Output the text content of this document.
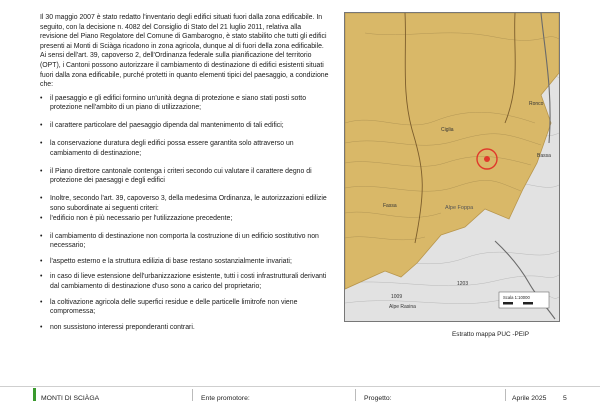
Il 30 maggio 2007 è stato redatto l'inventario degli edifici situati fuori dalla zona edificabile. In seguito, con la decisione n. 4082 del Consiglio di Stato del 21 luglio 2011, relativa alla revisione del Piano Regolatore del Comune di Gambarogno, è stato stabilito che tutti gli edifici presenti ai Monti di Sciàga ricadono in zona agricola, dunque al di fuori della zona edificabile.

Ai sensi dell'art. 39, capoverso 2, dell'Ordinanza federale sulla pianificazione del territorio (OPT), i Cantoni possono autorizzare il cambiamento di destinazione di edifici esistenti situati fuori dalla zona edificabile, purché protetti in quanto elementi tipici del paesaggio, a condizione che:

• il paesaggio e gli edifici formino un'unità degna di protezione e siano stati posti sotto protezione nell'ambito di un piano di utilizzazione;
• il carattere particolare del paesaggio dipenda dal mantenimento di tali edifici;
• la conservazione duratura degli edifici possa essere garantita solo attraverso un cambiamento di destinazione;
• il Piano direttore cantonale contenga i criteri secondo cui valutare il carattere degno di protezione dei paesaggi e degli edifici
• Inoltre, secondo l'art. 39, capoverso 3, della medesima Ordinanza, le autorizzazioni edilizie sono subordinate ai seguenti criteri:
• l'edificio non è più necessario per l'utilizzazione precedente;
• il cambiamento di destinazione non comporta la costruzione di un edificio sostitutivo non necessario;
• l'aspetto esterno e la struttura edilizia di base restano sostanzialmente invariati;
• in caso di lieve estensione dell'urbanizzazione esistente, tutti i costi infrastrutturali derivanti dal cambiamento di destinazione d'uso sono a carico del proprietario;
• la coltivazione agricola delle superfici residue e delle particelle limitrofe non viene compromessa;
• non sussistono interessi preponderanti contrari.
Ronco
Bassa
Ciglia
Fassa	Alpe Foppa
1009
1203
Alpe Rasina
Scala 1:10000
Estratto mappa PUC -PEIP
MONTI DI SCIÀGA	Ente promotore:	Progetto:	Aprile 2025 5
